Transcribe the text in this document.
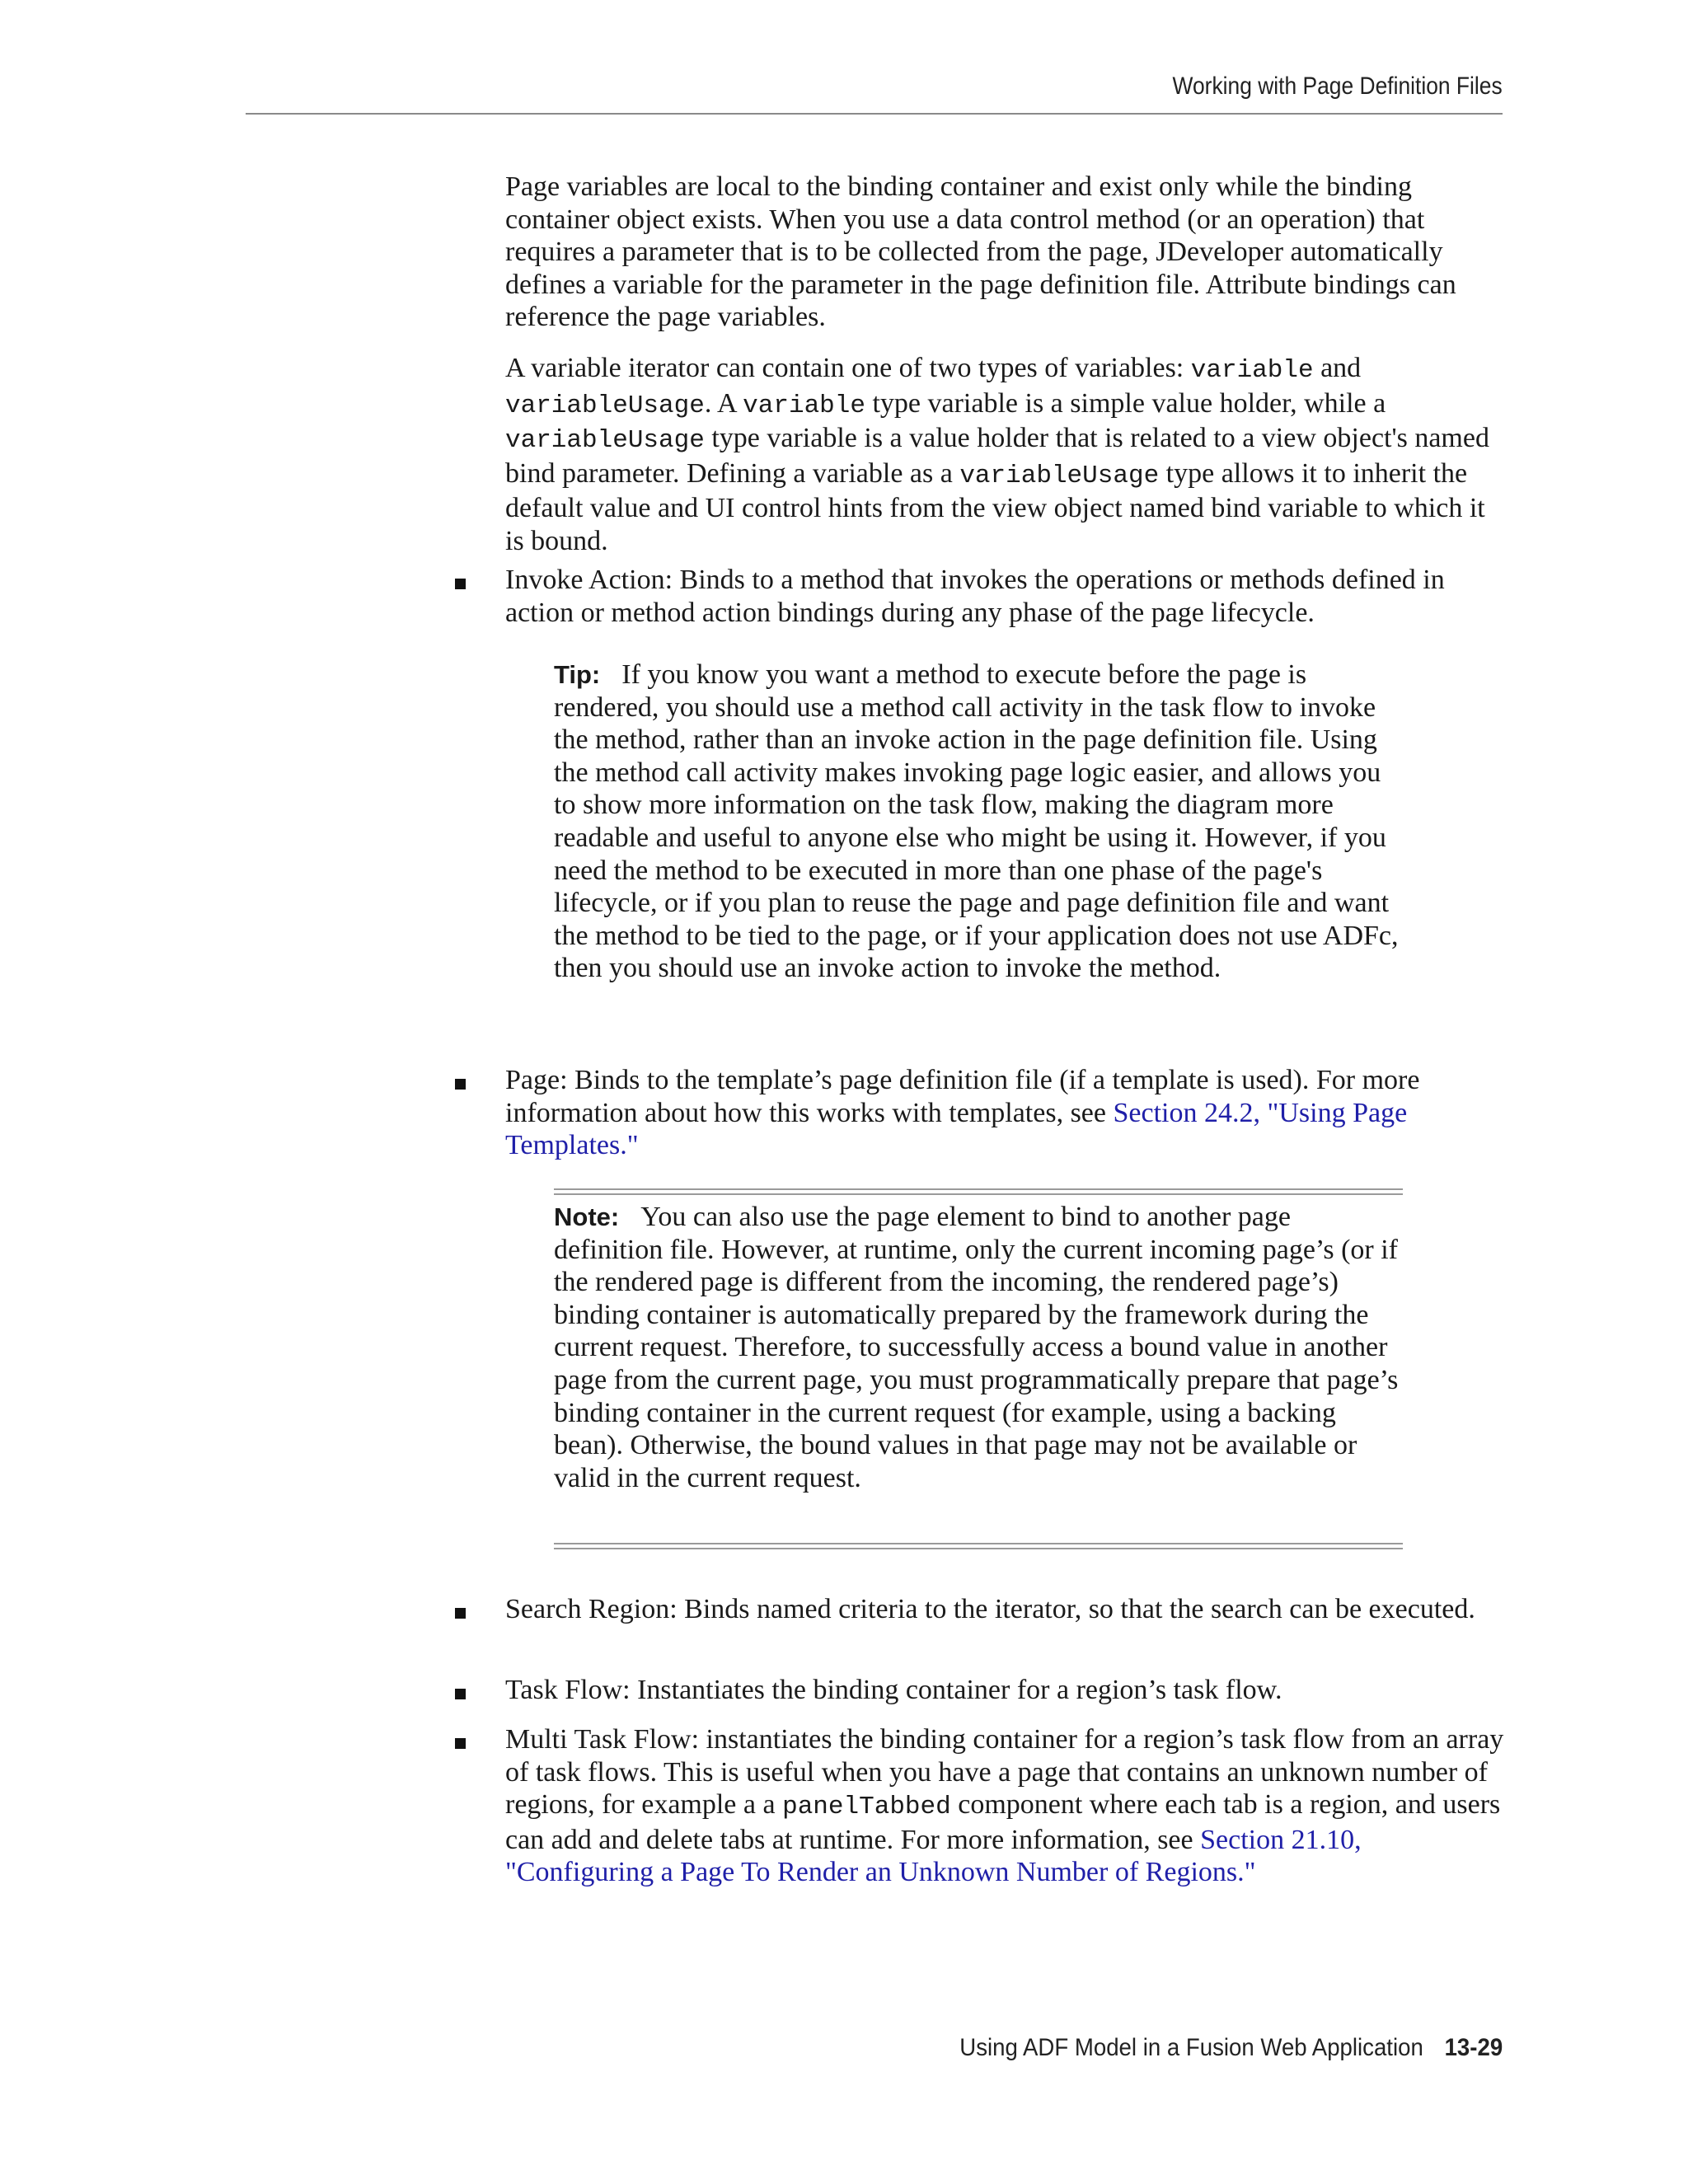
Working with Page Definition Files

Page variables are local to the binding container and exist only while the binding container object exists. When you use a data control method (or an operation) that requires a parameter that is to be collected from the page, JDeveloper automatically defines a variable for the parameter in the page definition file. Attribute bindings can reference the page variables.

A variable iterator can contain one of two types of variables: variable and variableUsage. A variable type variable is a simple value holder, while a variableUsage type variable is a value holder that is related to a view object's named bind parameter. Defining a variable as a variableUsage type allows it to inherit the default value and UI control hints from the view object named bind variable to which it is bound.

Invoke Action: Binds to a method that invokes the operations or methods defined in action or method action bindings during any phase of the page lifecycle.

Tip: If you know you want a method to execute before the page is rendered, you should use a method call activity in the task flow to invoke the method, rather than an invoke action in the page definition file. Using the method call activity makes invoking page logic easier, and allows you to show more information on the task flow, making the diagram more readable and useful to anyone else who might be using it. However, if you need the method to be executed in more than one phase of the page's lifecycle, or if you plan to reuse the page and page definition file and want the method to be tied to the page, or if your application does not use ADFc, then you should use an invoke action to invoke the method.

Page: Binds to the template’s page definition file (if a template is used). For more information about how this works with templates, see Section 24.2, "Using Page Templates."

Note: You can also use the page element to bind to another page definition file. However, at runtime, only the current incoming page’s (or if the rendered page is different from the incoming, the rendered page’s) binding container is automatically prepared by the framework during the current request. Therefore, to successfully access a bound value in another page from the current page, you must programmatically prepare that page’s binding container in the current request (for example, using a backing bean). Otherwise, the bound values in that page may not be available or valid in the current request.

Search Region: Binds named criteria to the iterator, so that the search can be executed.

Task Flow: Instantiates the binding container for a region’s task flow.

Multi Task Flow: instantiates the binding container for a region’s task flow from an array of task flows. This is useful when you have a page that contains an unknown number of regions, for example a a panelTabbed component where each tab is a region, and users can add and delete tabs at runtime. For more information, see Section 21.10, "Configuring a Page To Render an Unknown Number of Regions."

Using ADF Model in a Fusion Web Application 13-29
